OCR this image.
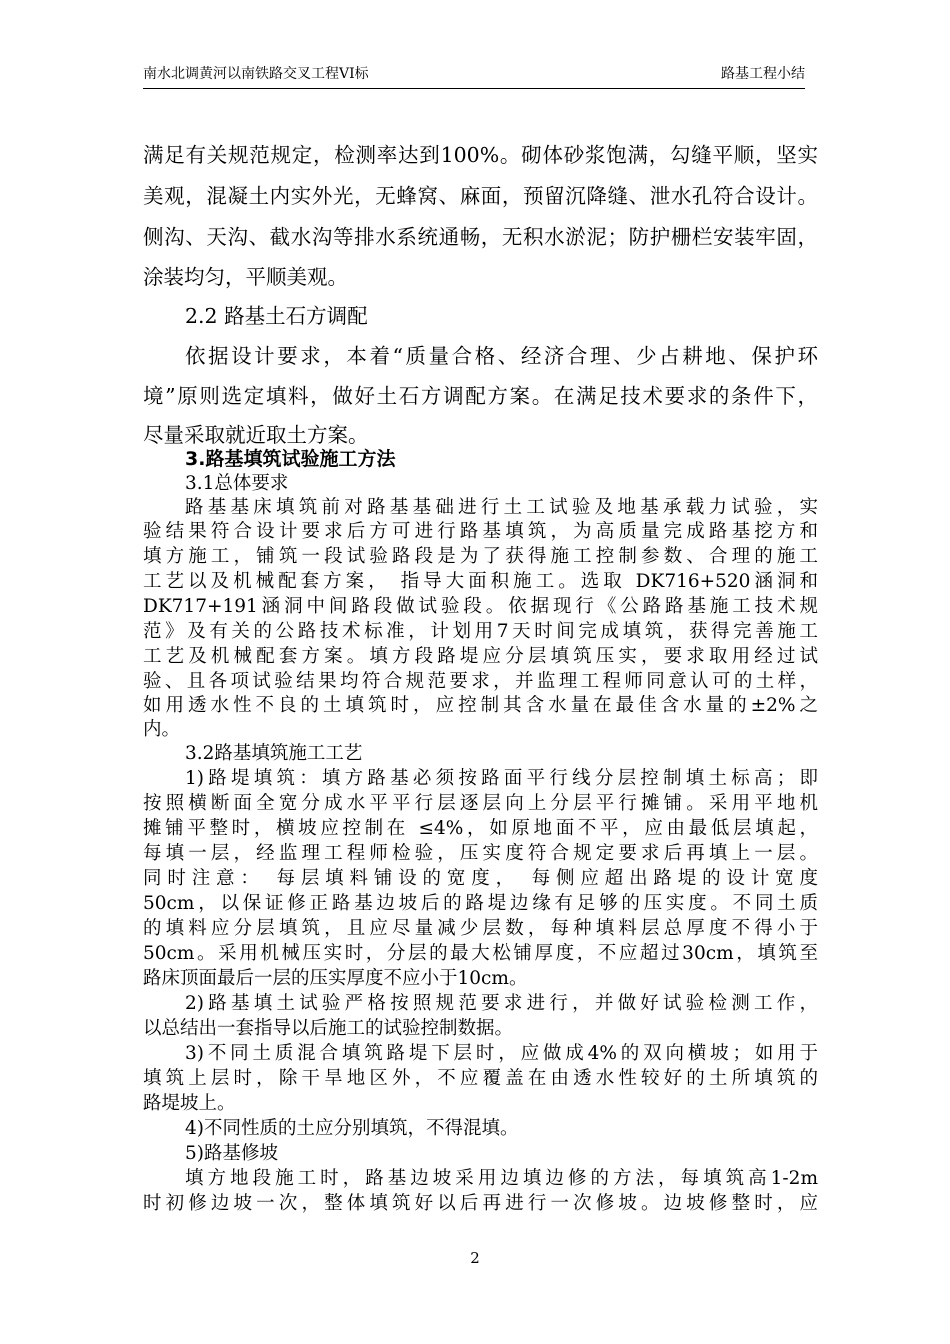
南水北调黄河以南铁路交叉工程VI标	路基工程小结
满足有关规范规定，检测率达到100%。砌体砂浆饱满，勾缝平顺，坚实
美观，混凝土内实外光，无蜂窝、麻面，预留沉降缝、泄水孔符合设计。
侧沟、天沟、截水沟等排水系统通畅，无积水淤泥；防护栅栏安装牢固，
涂装均匀，平顺美观。
2.2 路基土石方调配
依据设计要求，本着“质量合格、经济合理、少占耕地、保护环
境”原则选定填料，做好土石方调配方案。在满足技术要求的条件下，
尽量采取就近取土方案。
3.路基填筑试验施工方法
3.1总体要求
路基基床填筑前对路基基础进行土工试验及地基承载力试验，实
验结果符合设计要求后方可进行路基填筑，为高质量完成路基挖方和
填方施工，铺筑一段试验路段是为了获得施工控制参数、合理的施工
工艺以及机械配套方案， 指导大面积施工。选取 DK716+520涵洞和
DK717+191涵洞中间路段做试验段。依据现行《公路路基施工技术规
范》及有关的公路技术标准，计划用7天时间完成填筑，获得完善施工
工艺及机械配套方案。填方段路堤应分层填筑压实，要求取用经过试
验、且各项试验结果均符合规范要求，并监理工程师同意认可的土样，
如用透水性不良的土填筑时，应控制其含水量在最佳含水量的±2%之
内。
3.2路基填筑施工工艺
1)路堤填筑：填方路基必须按路面平行线分层控制填土标高；即
按照横断面全宽分成水平平行层逐层向上分层平行摊铺。采用平地机
摊铺平整时，横坡应控制在 ≤4%，如原地面不平，应由最低层填起，
每填一层，经监理工程师检验，压实度符合规定要求后再填上一层。
同时注意： 每层填料铺设的宽度， 每侧应超出路堤的设计宽度
50cm，以保证修正路基边坡后的路堤边缘有足够的压实度。不同土质
的填料应分层填筑，且应尽量减少层数，每种填料层总厚度不得小于
50cm。采用机械压实时，分层的最大松铺厚度，不应超过30cm，填筑至
路床顶面最后一层的压实厚度不应小于10cm。
2)路基填土试验严格按照规范要求进行，并做好试验检测工作，
以总结出一套指导以后施工的试验控制数据。
3)不同土质混合填筑路堤下层时，应做成4%的双向横坡；如用于
填筑上层时，除干旱地区外，不应覆盖在由透水性较好的土所填筑的
路堤坡上。
4)不同性质的土应分别填筑，不得混填。
5)路基修坡
填方地段施工时，路基边坡采用边填边修的方法，每填筑高1-2m
时初修边坡一次，整体填筑好以后再进行一次修坡。边坡修整时，应
2
